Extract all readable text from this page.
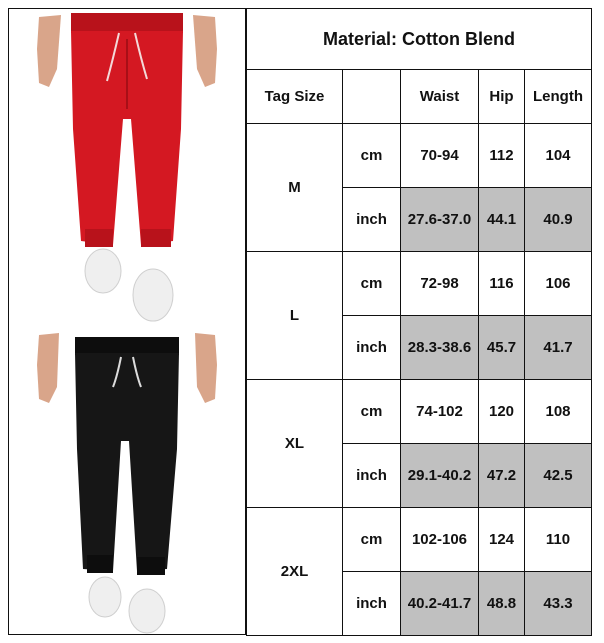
Material: Cotton Blend				
Tag Size		Waist	Hip	Length
M	cm	70-94	112	104
	inch	27.6-37.0	44.1	40.9
L	cm	72-98	116	106
	inch	28.3-38.6	45.7	41.7
XL	cm	74-102	120	108
	inch	29.1-40.2	47.2	42.5
2XL	cm	102-106	124	110
	inch	40.2-41.7	48.8	43.3
